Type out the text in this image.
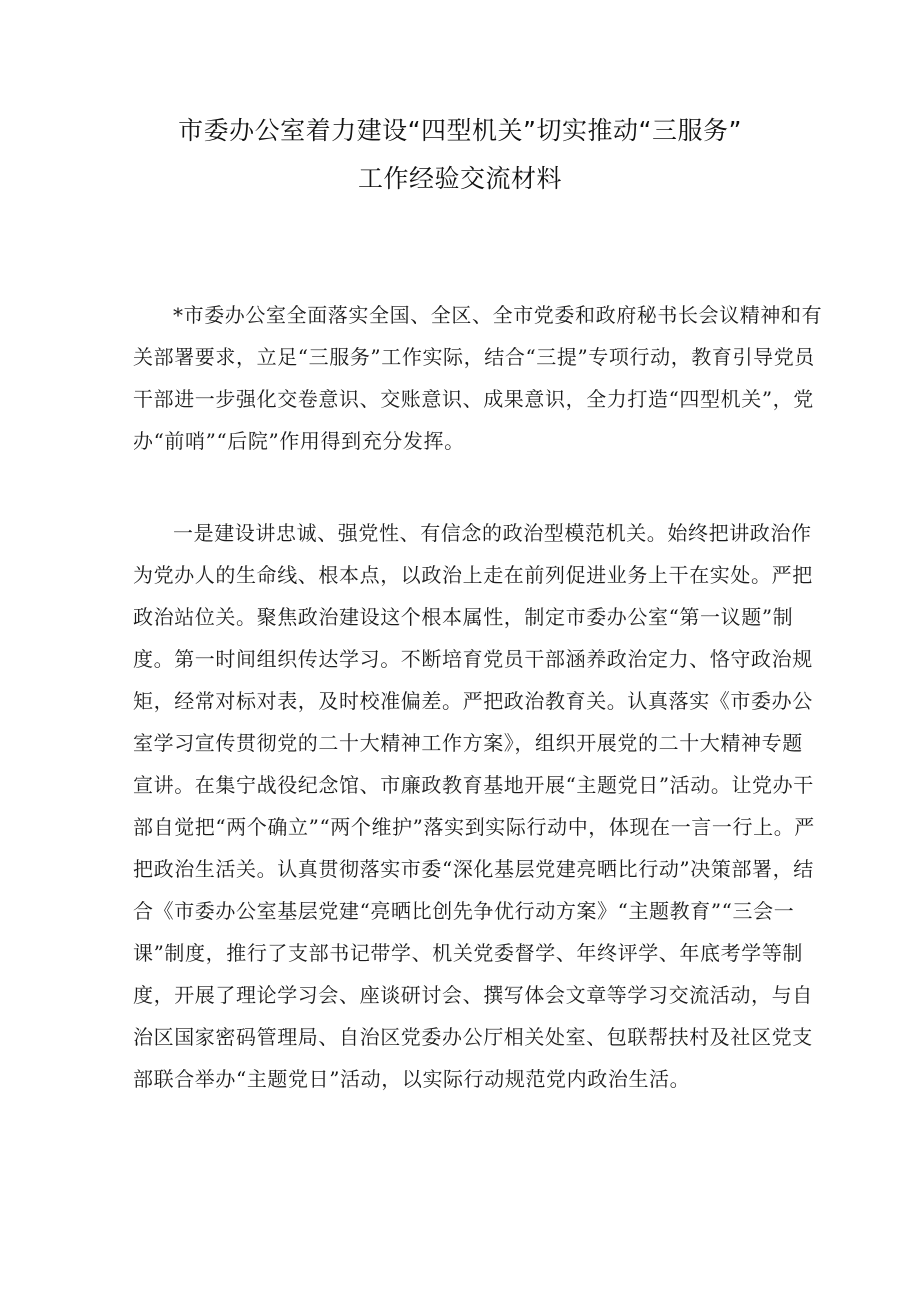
市委办公室着力建设“四型机关”切实推动“三服务”
工作经验交流材料

*市委办公室全面落实全国、全区、全市党委和政府秘书长会议精神和有关部署要求，立足“三服务”工作实际，结合“三提”专项行动，教育引导党员干部进一步强化交卷意识、交账意识、成果意识，全力打造“四型机关”，党办“前哨”“后院”作用得到充分发挥。

一是建设讲忠诚、强党性、有信念的政治型模范机关。始终把讲政治作为党办人的生命线、根本点，以政治上走在前列促进业务上干在实处。严把政治站位关。聚焦政治建设这个根本属性，制定市委办公室“第一议题”制度。第一时间组织传达学习。不断培育党员干部涵养政治定力、恪守政治规矩，经常对标对表，及时校准偏差。严把政治教育关。认真落实《市委办公室学习宣传贯彻党的二十大精神工作方案》，组织开展党的二十大精神专题宣讲。在集宁战役纪念馆、市廉政教育基地开展“主题党日”活动。让党办干部自觉把“两个确立”“两个维护”落实到实际行动中，体现在一言一行上。严把政治生活关。认真贯彻落实市委“深化基层党建亮晒比行动”决策部署，结合《市委办公室基层党建“亮晒比创先争优行动方案》“主题教育”“三会一课”制度，推行了支部书记带学、机关党委督学、年终评学、年底考学等制度，开展了理论学习会、座谈研讨会、撰写体会文章等学习交流活动，与自治区国家密码管理局、自治区党委办公厅相关处室、包联帮扶村及社区党支部联合举办“主题党日”活动，以实际行动规范党内政治生活。
